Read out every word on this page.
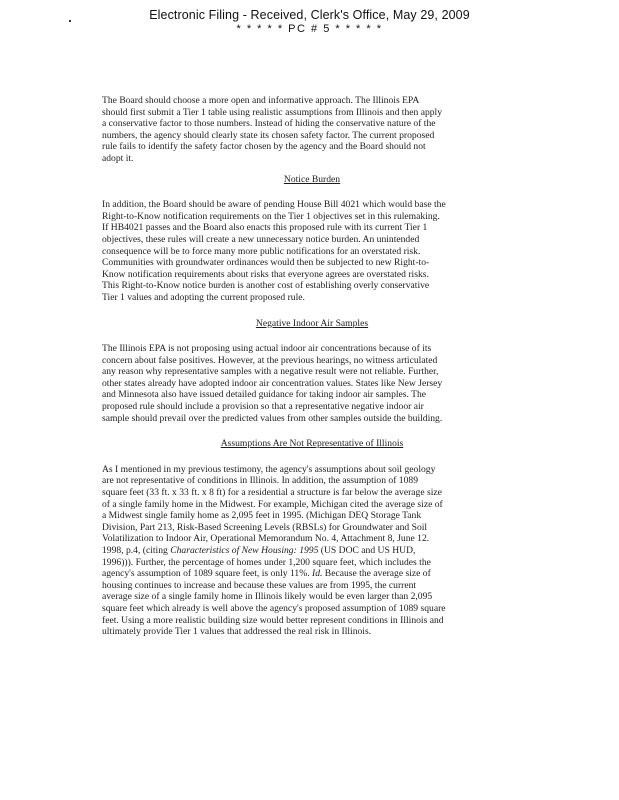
Electronic Filing - Received, Clerk's Office, May 29, 2009
* * * * * PC # 5 * * * * *

The Board should choose a more open and informative approach. The Illinois EPA
should first submit a Tier 1 table using realistic assumptions from Illinois and then apply
a conservative factor to those numbers. Instead of hiding the conservative nature of the
numbers, the agency should clearly state its chosen safety factor. The current proposed
rule fails to identify the safety factor chosen by the agency and the Board should not
adopt it.

Notice Burden

In addition, the Board should be aware of pending House Bill 4021 which would base the
Right-to-Know notification requirements on the Tier 1 objectives set in this rulemaking.
If HB4021 passes and the Board also enacts this proposed rule with its current Tier 1
objectives, these rules will create a new unnecessary notice burden. An unintended
consequence will be to force many more public notifications for an overstated risk.
Communities with groundwater ordinances would then be subjected to new Right-to-
Know notification requirements about risks that everyone agrees are overstated risks.
This Right-to-Know notice burden is another cost of establishing overly conservative
Tier 1 values and adopting the current proposed rule.

Negative Indoor Air Samples

The Illinois EPA is not proposing using actual indoor air concentrations because of its
concern about false positives. However, at the previous hearings, no witness articulated
any reason why representative samples with a negative result were not reliable. Further,
other states already have adopted indoor air concentration values. States like New Jersey
and Minnesota also have issued detailed guidance for taking indoor air samples. The
proposed rule should include a provision so that a representative negative indoor air
sample should prevail over the predicted values from other samples outside the building.

Assumptions Are Not Representative of Illinois

As I mentioned in my previous testimony, the agency's assumptions about soil geology
are not representative of conditions in Illinois. In addition, the assumption of 1089
square feet (33 ft. x 33 ft. x 8 ft) for a residential a structure is far below the average size
of a single family home in the Midwest. For example, Michigan cited the average size of
a Midwest single family home as 2,095 feet in 1995. (Michigan DEQ Storage Tank
Division, Part 213, Risk-Based Screening Levels (RBSLs) for Groundwater and Soil
Volatilization to Indoor Air, Operational Memorandum No. 4, Attachment 8, June 12.
1998, p.4, (citing Characteristics of New Housing: 1995 (US DOC and US HUD,
1996))). Further, the percentage of homes under 1,200 square feet, which includes the
agency's assumption of 1089 square feet, is only 11%. Id. Because the average size of
housing continues to increase and because these values are from 1995, the current
average size of a single family home in Illinois likely would be even larger than 2,095
square feet which already is well above the agency's proposed assumption of 1089 square
feet. Using a more realistic building size would better represent conditions in Illinois and
ultimately provide Tier 1 values that addressed the real risk in Illinois.
